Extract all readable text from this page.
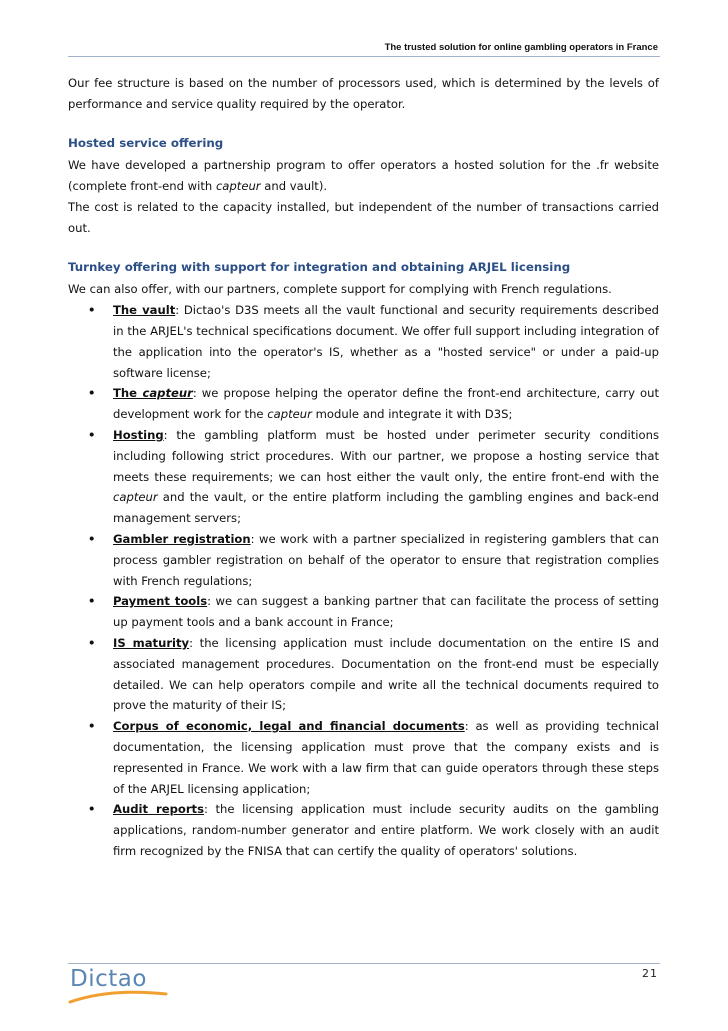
The trusted solution for online gambling operators in France

Our fee structure is based on the number of processors used, which is determined by the levels of performance and service quality required by the operator.

Hosted service offering

We have developed a partnership program to offer operators a hosted solution for the .fr website (complete front-end with capteur and vault).

The cost is related to the capacity installed, but independent of the number of transactions carried out.

Turnkey offering with support for integration and obtaining ARJEL licensing

We can also offer, with our partners, complete support for complying with French regulations.

• The vault: Dictao's D3S meets all the vault functional and security requirements described in the ARJEL's technical specifications document. We offer full support including integration of the application into the operator's IS, whether as a "hosted service" or under a paid-up software license;
• The capteur: we propose helping the operator define the front-end architecture, carry out development work for the capteur module and integrate it with D3S;
• Hosting: the gambling platform must be hosted under perimeter security conditions including following strict procedures. With our partner, we propose a hosting service that meets these requirements; we can host either the vault only, the entire front-end with the capteur and the vault, or the entire platform including the gambling engines and back-end management servers;
• Gambler registration: we work with a partner specialized in registering gamblers that can process gambler registration on behalf of the operator to ensure that registration complies with French regulations;
• Payment tools: we can suggest a banking partner that can facilitate the process of setting up payment tools and a bank account in France;
• IS maturity: the licensing application must include documentation on the entire IS and associated management procedures. Documentation on the front-end must be especially detailed. We can help operators compile and write all the technical documents required to prove the maturity of their IS;
• Corpus of economic, legal and financial documents: as well as providing technical documentation, the licensing application must prove that the company exists and is represented in France. We work with a law firm that can guide operators through these steps of the ARJEL licensing application;
• Audit reports: the licensing application must include security audits on the gambling applications, random-number generator and entire platform. We work closely with an audit firm recognized by the FNISA that can certify the quality of operators' solutions.
Dictao	21
